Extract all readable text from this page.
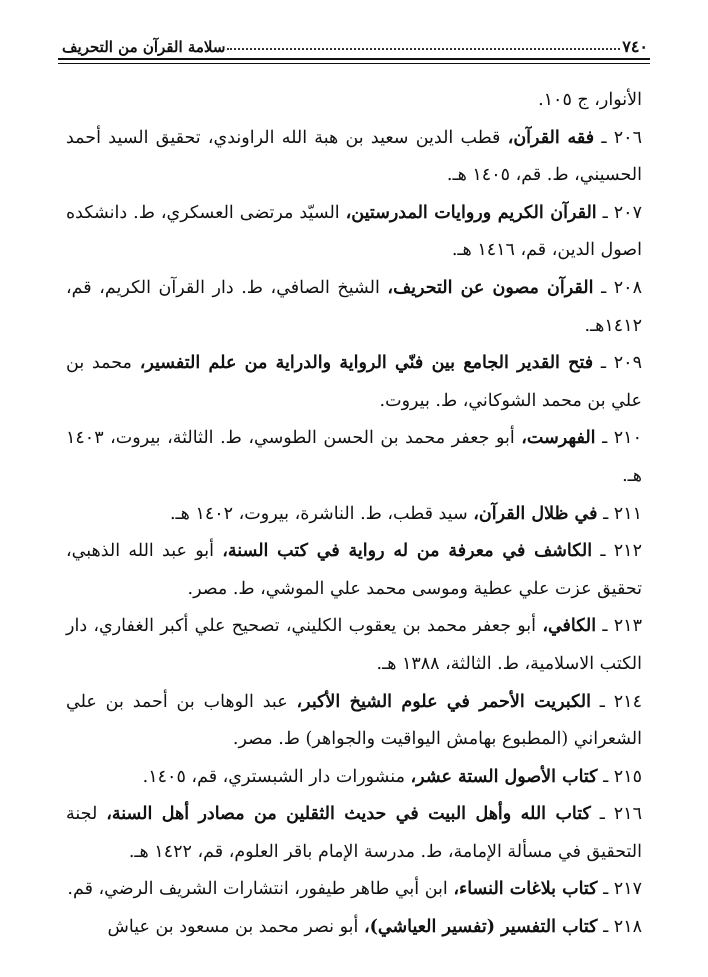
٧٤٠
سلامة القرآن من التحريف

الأنوار، ج ١٠٥.

٢٠٦ ـ فقه القرآن، قطب الدين سعيد بن هبة الله الراوندي، تحقيق السيد أحمد الحسيني، ط. قم، ١٤٠٥ هـ.

٢٠٧ ـ القرآن الكريم وروايات المدرستين، السيّد مرتضى العسكري، ط. دانشكده اصول الدين، قم، ١٤١٦ هـ.

٢٠٨ ـ القرآن مصون عن التحريف، الشيخ الصافي، ط. دار القرآن الكريم، قم، ١٤١٢هـ.

٢٠٩ ـ فتح القدير الجامع بين فنّي الرواية والدراية من علم التفسير، محمد بن علي بن محمد الشوكاني، ط. بيروت.

٢١٠ ـ الفهرست، أبو جعفر محمد بن الحسن الطوسي، ط. الثالثة، بيروت، ١٤٠٣ هـ.

٢١١ ـ في ظلال القرآن، سيد قطب، ط. الناشرة، بيروت، ١٤٠٢ هـ.

٢١٢ ـ الكاشف في معرفة من له رواية في كتب السنة، أبو عبد الله الذهبي، تحقيق عزت علي عطية وموسى محمد علي الموشي، ط. مصر.

٢١٣ ـ الكافي، أبو جعفر محمد بن يعقوب الكليني، تصحيح علي أكبر الغفاري، دار الكتب الاسلامية، ط. الثالثة، ١٣٨٨ هـ.

٢١٤ ـ الكبريت الأحمر في علوم الشيخ الأكبر، عبد الوهاب بن أحمد بن علي الشعراني (المطبوع بهامش اليواقيت والجواهر) ط. مصر.

٢١٥ ـ كتاب الأصول الستة عشر، منشورات دار الشبستري، قم، ١٤٠٥.

٢١٦ ـ كتاب الله وأهل البيت في حديث الثقلين من مصادر أهل السنة، لجنة التحقيق في مسألة الإمامة، ط. مدرسة الإمام باقر العلوم، قم، ١٤٢٢ هـ.

٢١٧ ـ كتاب بلاغات النساء، ابن أبي طاهر طيفور، انتشارات الشريف الرضي، قم.

٢١٨ ـ كتاب التفسير (تفسير العياشي)، أبو نصر محمد بن مسعود بن عياش
